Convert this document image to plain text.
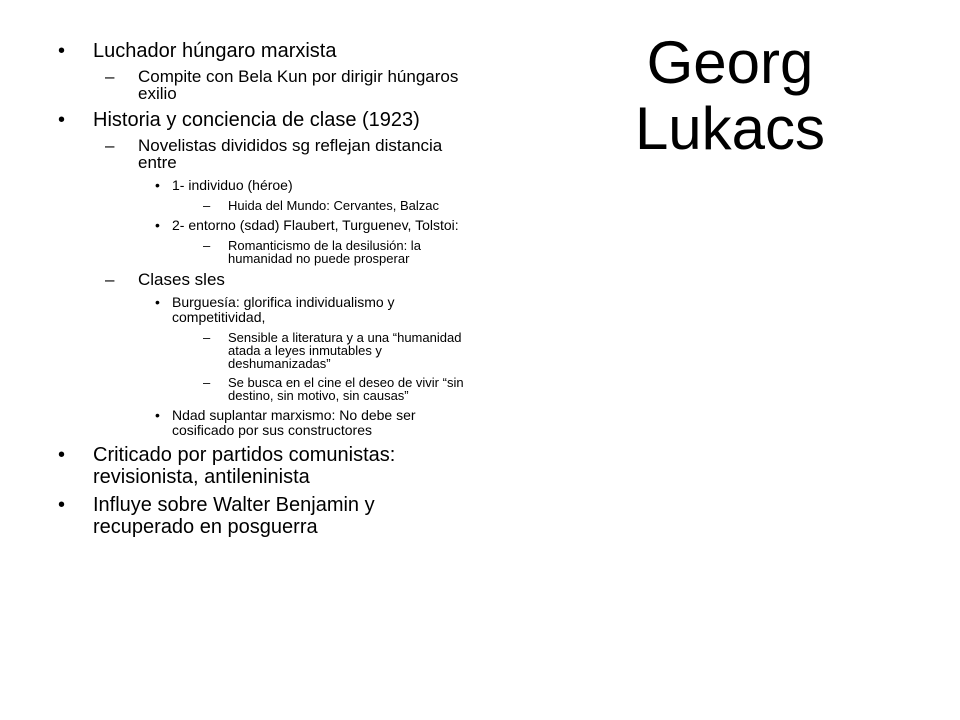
Georg
Lukacs
• Luchador húngaro marxista
– Compite con Bela Kun por dirigir húngaros exilio
• Historia y conciencia de clase (1923)
– Novelistas divididos sg reflejan distancia entre
• 1- individuo (héroe)
– Huida del Mundo: Cervantes, Balzac
• 2- entorno (sdad) Flaubert, Turguenev, Tolstoi:
– Romanticismo de la desilusión: la humanidad no puede prosperar
– Clases sles
• Burguesía: glorifica individualismo y competitividad,
– Sensible a literatura y a una “humanidad atada a leyes inmutables y deshumanizadas”
– Se busca en el cine el deseo de vivir “sin destino, sin motivo, sin causas”
• Ndad suplantar marxismo: No debe ser cosificado por sus constructores
• Criticado por partidos comunistas: revisionista, antileninista
• Influye sobre Walter Benjamin y recuperado en posguerra
